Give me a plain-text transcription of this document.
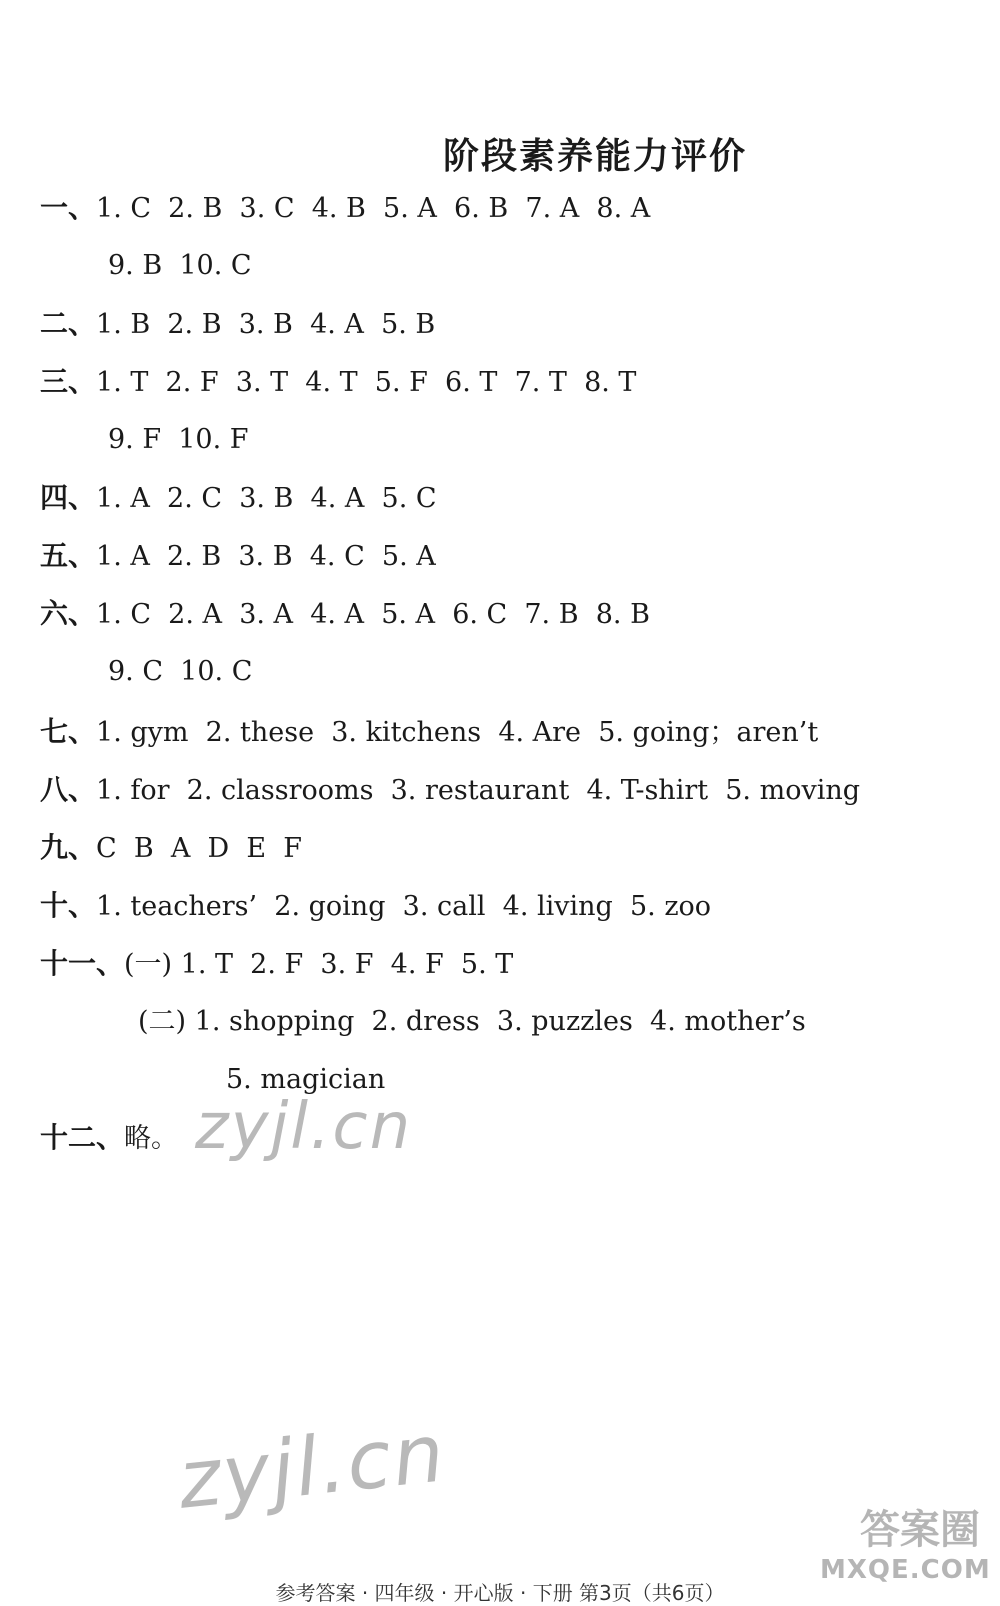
阶段素养能力评价
一、1. C  2. B  3. C  4. B  5. A  6. B  7. A  8. A
9. B  10. C
二、1. B  2. B  3. B  4. A  5. B
三、1. T  2. F  3. T  4. T  5. F  6. T  7. T  8. T
9. F  10. F
四、1. A  2. C  3. B  4. A  5. C
五、1. A  2. B  3. B  4. C  5. A
六、1. C  2. A  3. A  4. A  5. A  6. C  7. B  8. B
9. C  10. C
七、1. gym  2. these  3. kitchens  4. Are  5. going；aren’t
八、1. for  2. classrooms  3. restaurant  4. T-shirt  5. moving
九、C  B  A  D  E  F
十、1. teachers’  2. going  3. call  4. living  5. zoo
十一、(一) 1. T  2. F  3. F  4. F  5. T
(二) 1. shopping  2. dress  3. puzzles  4. mother’s
5. magician
十二、略。 zyjl.cn
zyjl.cn
答案圈
MXQE.COM
参考答案 · 四年级 · 开心版 · 下册 第3页（共6页）
